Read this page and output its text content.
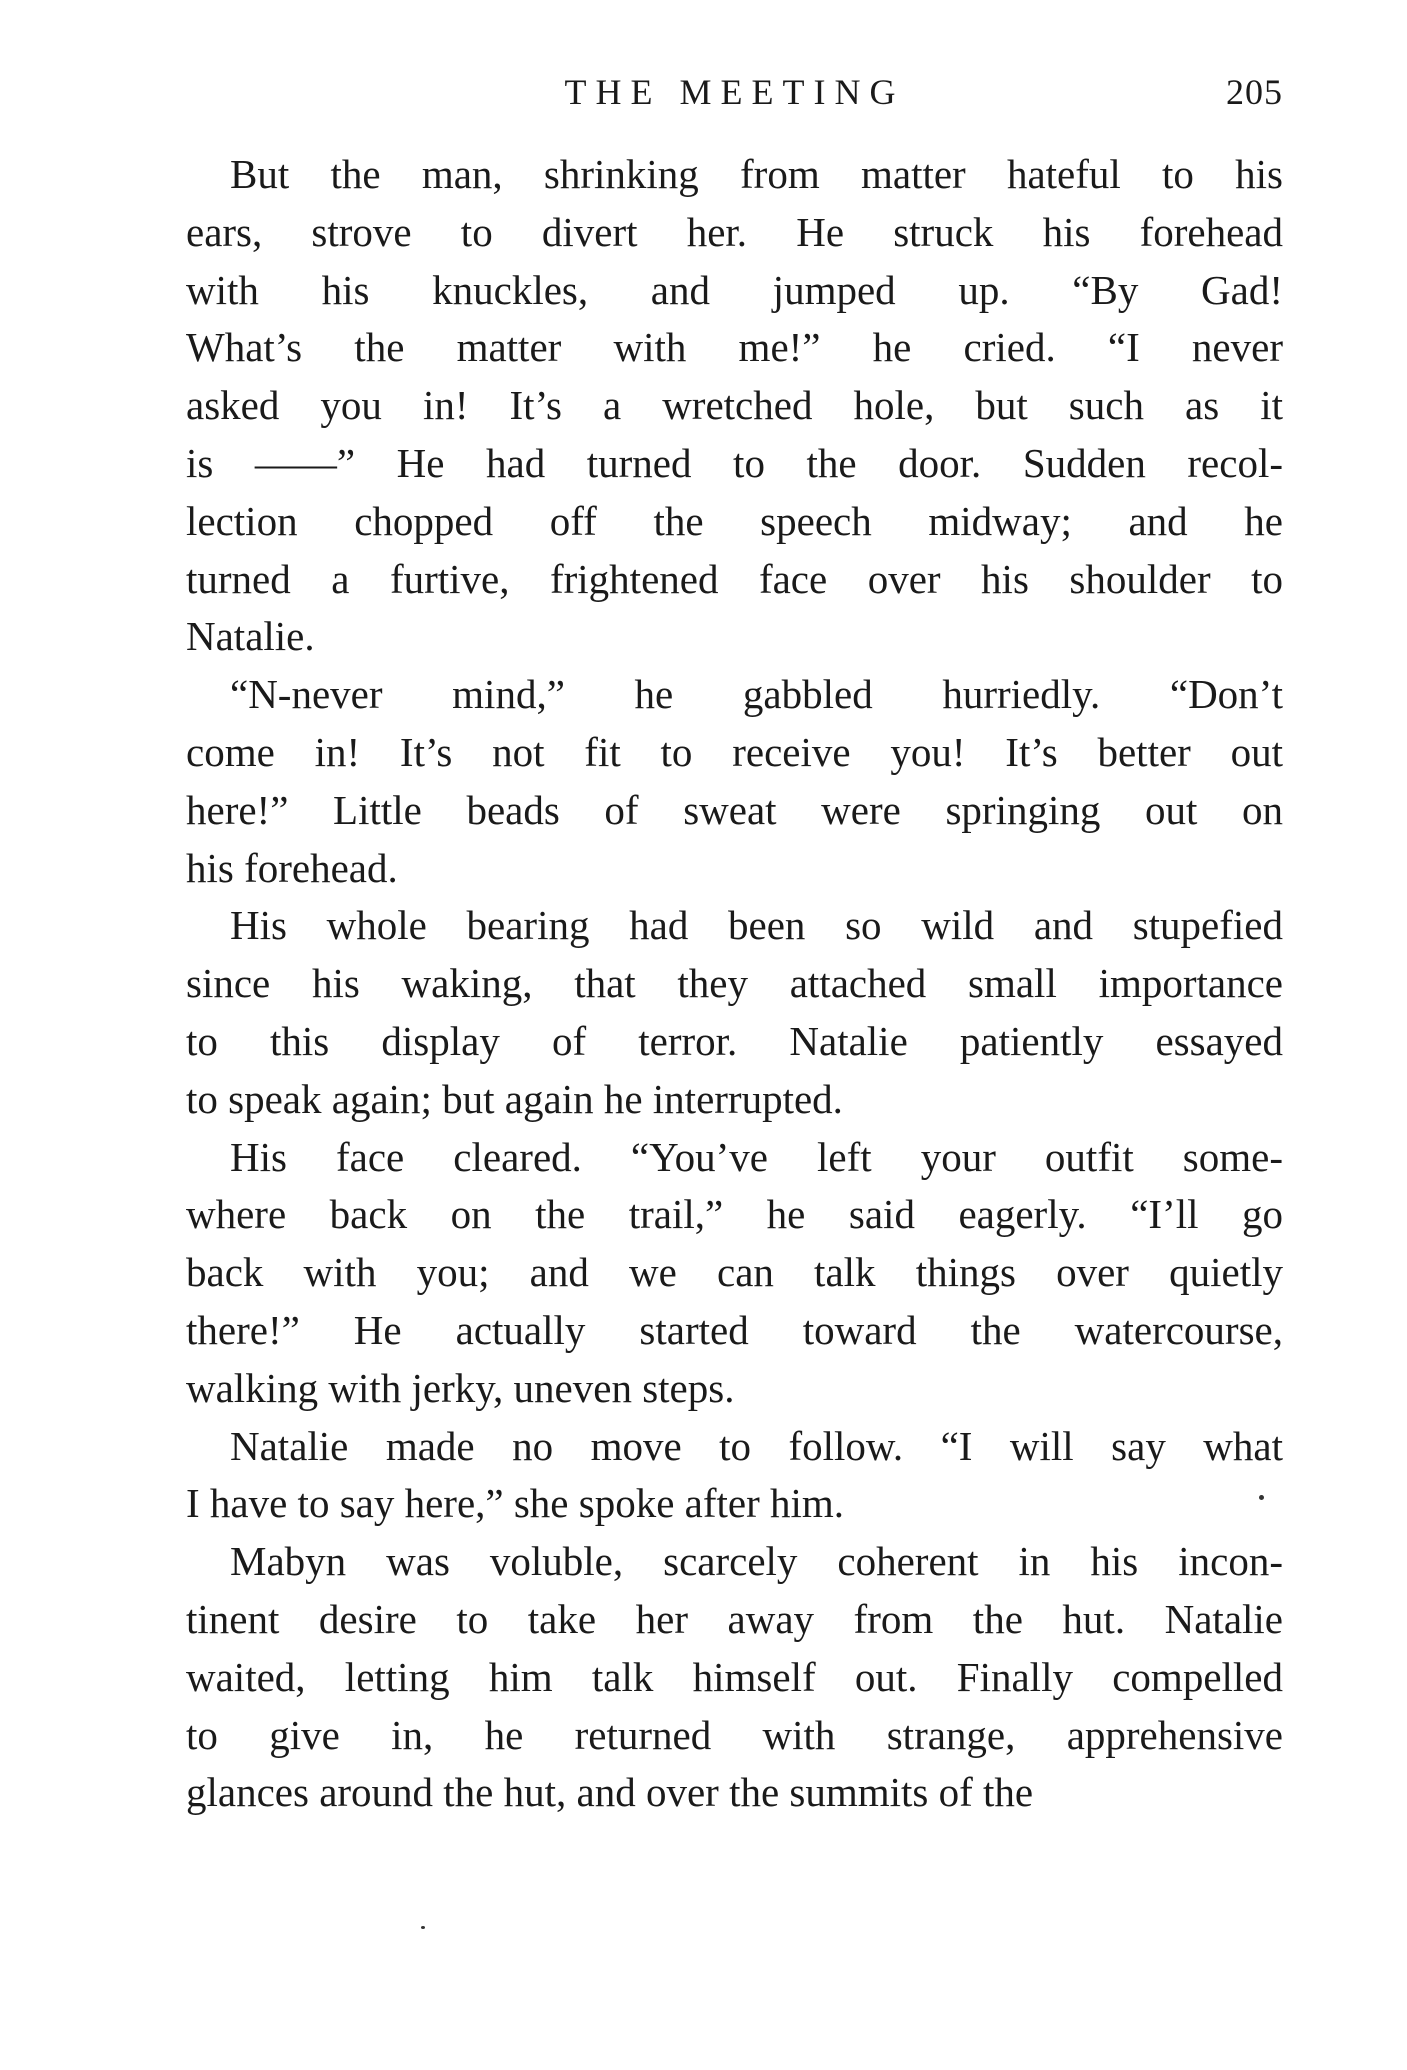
THE MEETING	205
But the man, shrinking from matter hateful to his
ears, strove to divert her. He struck his forehead
with his knuckles, and jumped up. “By Gad!
What’s the matter with me!” he cried. “I never
asked you in! It’s a wretched hole, but such as it
is ——” He had turned to the door. Sudden recol-
lection chopped off the speech midway; and he
turned a furtive, frightened face over his shoulder to
Natalie.
“N-never mind,” he gabbled hurriedly. “Don’t
come in! It’s not fit to receive you! It’s better out
here!” Little beads of sweat were springing out on
his forehead.
His whole bearing had been so wild and stupefied
since his waking, that they attached small importance
to this display of terror. Natalie patiently essayed
to speak again; but again he interrupted.
His face cleared. “You’ve left your outfit some-
where back on the trail,” he said eagerly. “I’ll go
back with you; and we can talk things over quietly
there!” He actually started toward the watercourse,
walking with jerky, uneven steps.
Natalie made no move to follow. “I will say what
I have to say here,” she spoke after him.
Mabyn was voluble, scarcely coherent in his incon-
tinent desire to take her away from the hut. Natalie
waited, letting him talk himself out. Finally compelled
to give in, he returned with strange, apprehensive
glances around the hut, and over the summits of the
